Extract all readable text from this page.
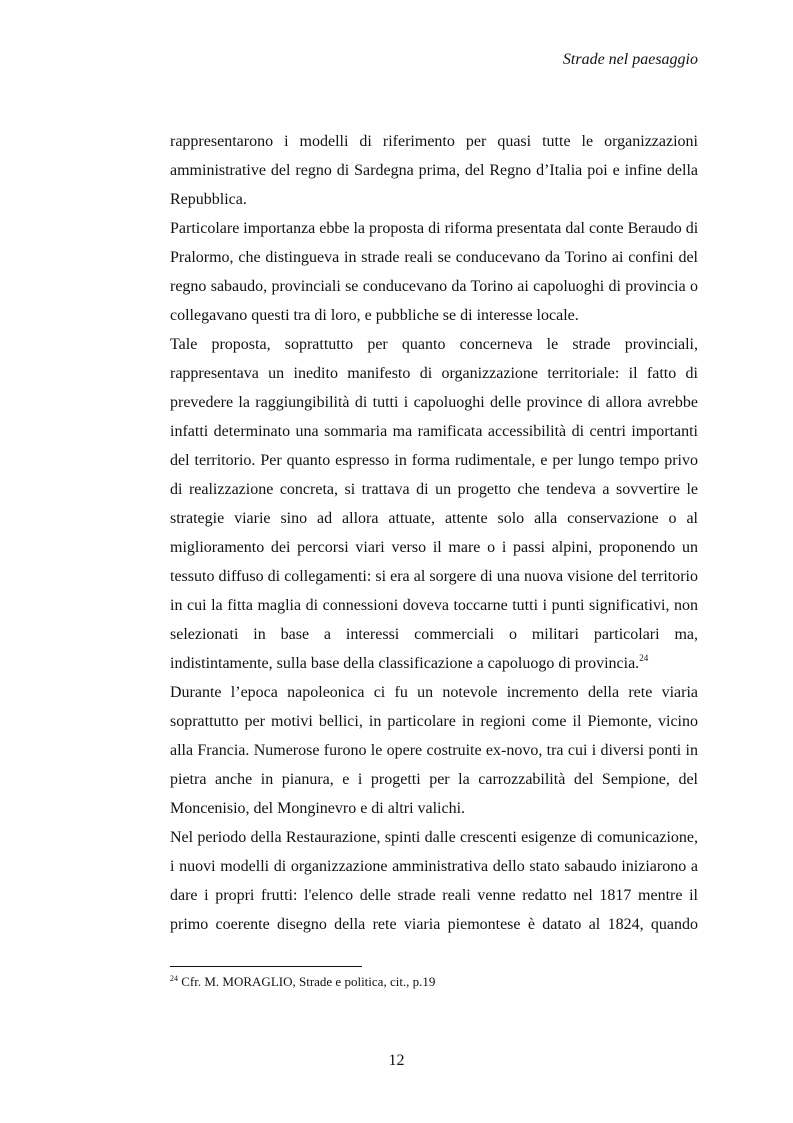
Strade nel paesaggio
rappresentarono i modelli di riferimento per quasi tutte le organizzazioni
amministrative del regno di Sardegna prima, del Regno d’Italia poi e infine della
Repubblica.
Particolare importanza ebbe la proposta di riforma presentata dal conte Beraudo di
Pralormo, che distingueva in strade reali se conducevano da Torino ai confini del
regno sabaudo, provinciali se conducevano da Torino ai capoluoghi di provincia o
collegavano questi tra di loro, e pubbliche se di interesse locale.
Tale proposta, soprattutto per quanto concerneva le strade provinciali,
rappresentava un inedito manifesto di organizzazione territoriale: il fatto di
prevedere la raggiungibilità di tutti i capoluoghi delle province di allora avrebbe
infatti determinato una sommaria ma ramificata accessibilità di centri importanti
del territorio. Per quanto espresso in forma rudimentale, e per lungo tempo privo
di realizzazione concreta, si trattava di un progetto che tendeva a sovvertire le
strategie viarie sino ad allora attuate, attente solo alla conservazione o al
miglioramento dei percorsi viari verso il mare o i passi alpini, proponendo un
tessuto diffuso di collegamenti: si era al sorgere di una nuova visione del territorio
in cui la fitta maglia di connessioni doveva toccarne tutti i punti significativi, non
selezionati in base a interessi commerciali o militari particolari ma,
indistintamente, sulla base della classificazione a capoluogo di provincia.$^{24}$
Durante l’epoca napoleonica ci fu un notevole incremento della rete viaria
soprattutto per motivi bellici, in particolare in regioni come il Piemonte, vicino
alla Francia. Numerose furono le opere costruite ex-novo, tra cui i diversi ponti in
pietra anche in pianura, e i progetti per la carrozzabilità del Sempione, del
Moncenisio, del Monginevro e di altri valichi.
Nel periodo della Restaurazione, spinti dalle crescenti esigenze di comunicazione,
i nuovi modelli di organizzazione amministrativa dello stato sabaudo iniziarono a
dare i propri frutti: l'elenco delle strade reali venne redatto nel 1817 mentre il
primo coerente disegno della rete viaria piemontese è datato al 1824, quando
$^{24}$ Cfr. M. MORAGLIO, Strade e politica, cit., p.19
12
